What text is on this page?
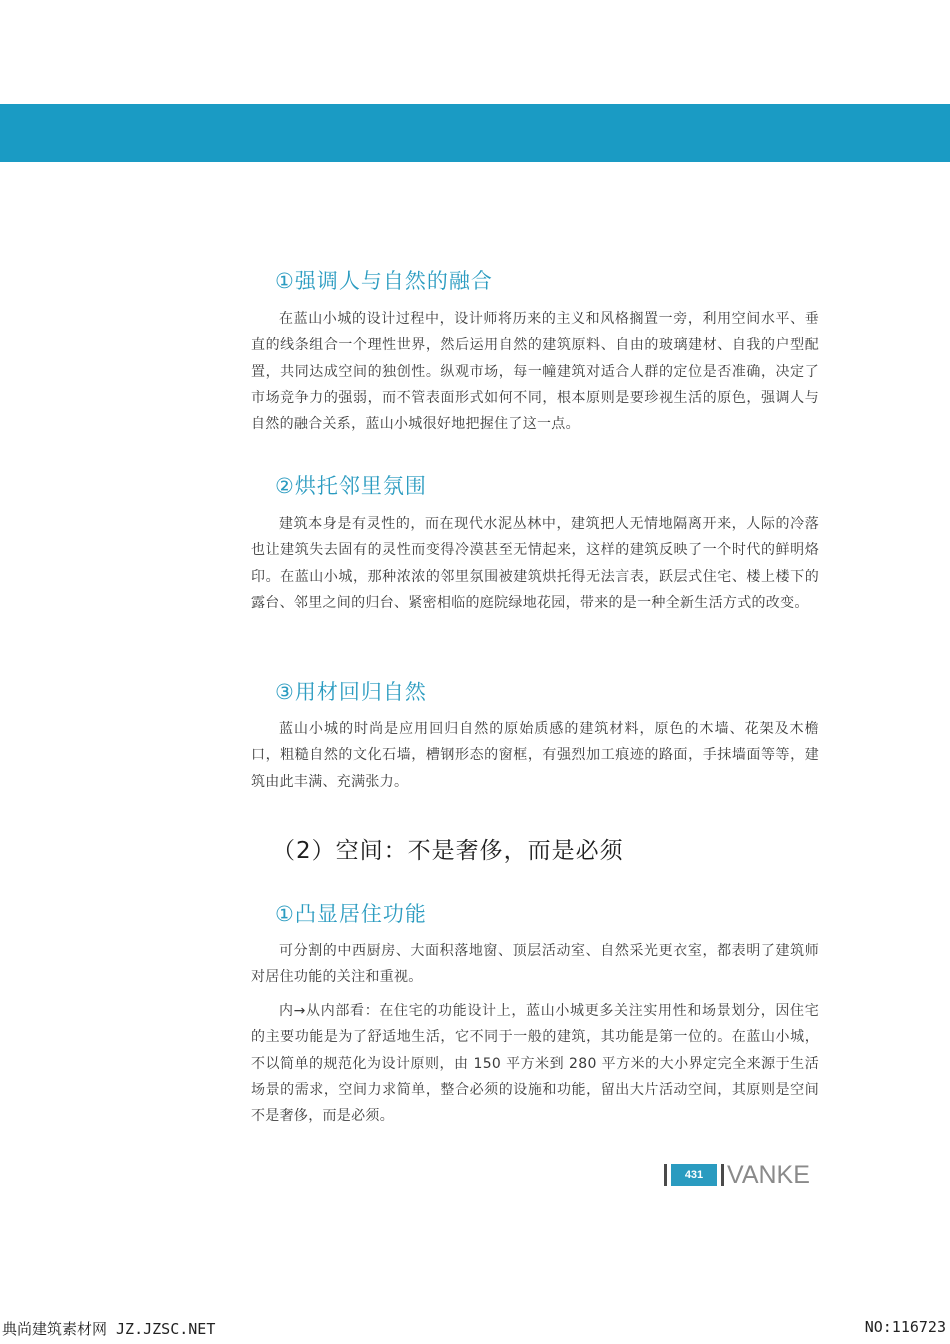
①强调人与自然的融合

在蓝山小城的设计过程中，设计师将历来的主义和风格搁置一旁，利用空间水平、垂直的线条组合一个理性世界，然后运用自然的建筑原料、自由的玻璃建材、自我的户型配置，共同达成空间的独创性。纵观市场，每一幢建筑对适合人群的定位是否准确，决定了市场竞争力的强弱，而不管表面形式如何不同，根本原则是要珍视生活的原色，强调人与自然的融合关系，蓝山小城很好地把握住了这一点。

②烘托邻里氛围

建筑本身是有灵性的，而在现代水泥丛林中，建筑把人无情地隔离开来，人际的冷落也让建筑失去固有的灵性而变得冷漠甚至无情起来，这样的建筑反映了一个时代的鲜明烙印。在蓝山小城，那种浓浓的邻里氛围被建筑烘托得无法言表，跃层式住宅、楼上楼下的露台、邻里之间的归台、紧密相临的庭院绿地花园，带来的是一种全新生活方式的改变。

③用材回归自然

蓝山小城的时尚是应用回归自然的原始质感的建筑材料，原色的木墙、花架及木檐口，粗糙自然的文化石墙，槽钢形态的窗框，有强烈加工痕迹的路面，手抹墙面等等，建筑由此丰满、充满张力。

（2）空间：不是奢侈，而是必须
①凸显居住功能

可分割的中西厨房、大面积落地窗、顶层活动室、自然采光更衣室，都表明了建筑师对居住功能的关注和重视。

内→从内部看：在住宅的功能设计上，蓝山小城更多关注实用性和场景划分，因住宅的主要功能是为了舒适地生活，它不同于一般的建筑，其功能是第一位的。在蓝山小城，不以简单的规范化为设计原则，由 150 平方米到 280 平方米的大小界定完全来源于生活场景的需求，空间力求简单，整合必须的设施和功能，留出大片活动空间，其原则是空间不是奢侈，而是必须。

431 VANKE
典尚建筑素材网 JZ.JZSC.NET	NO:116723
